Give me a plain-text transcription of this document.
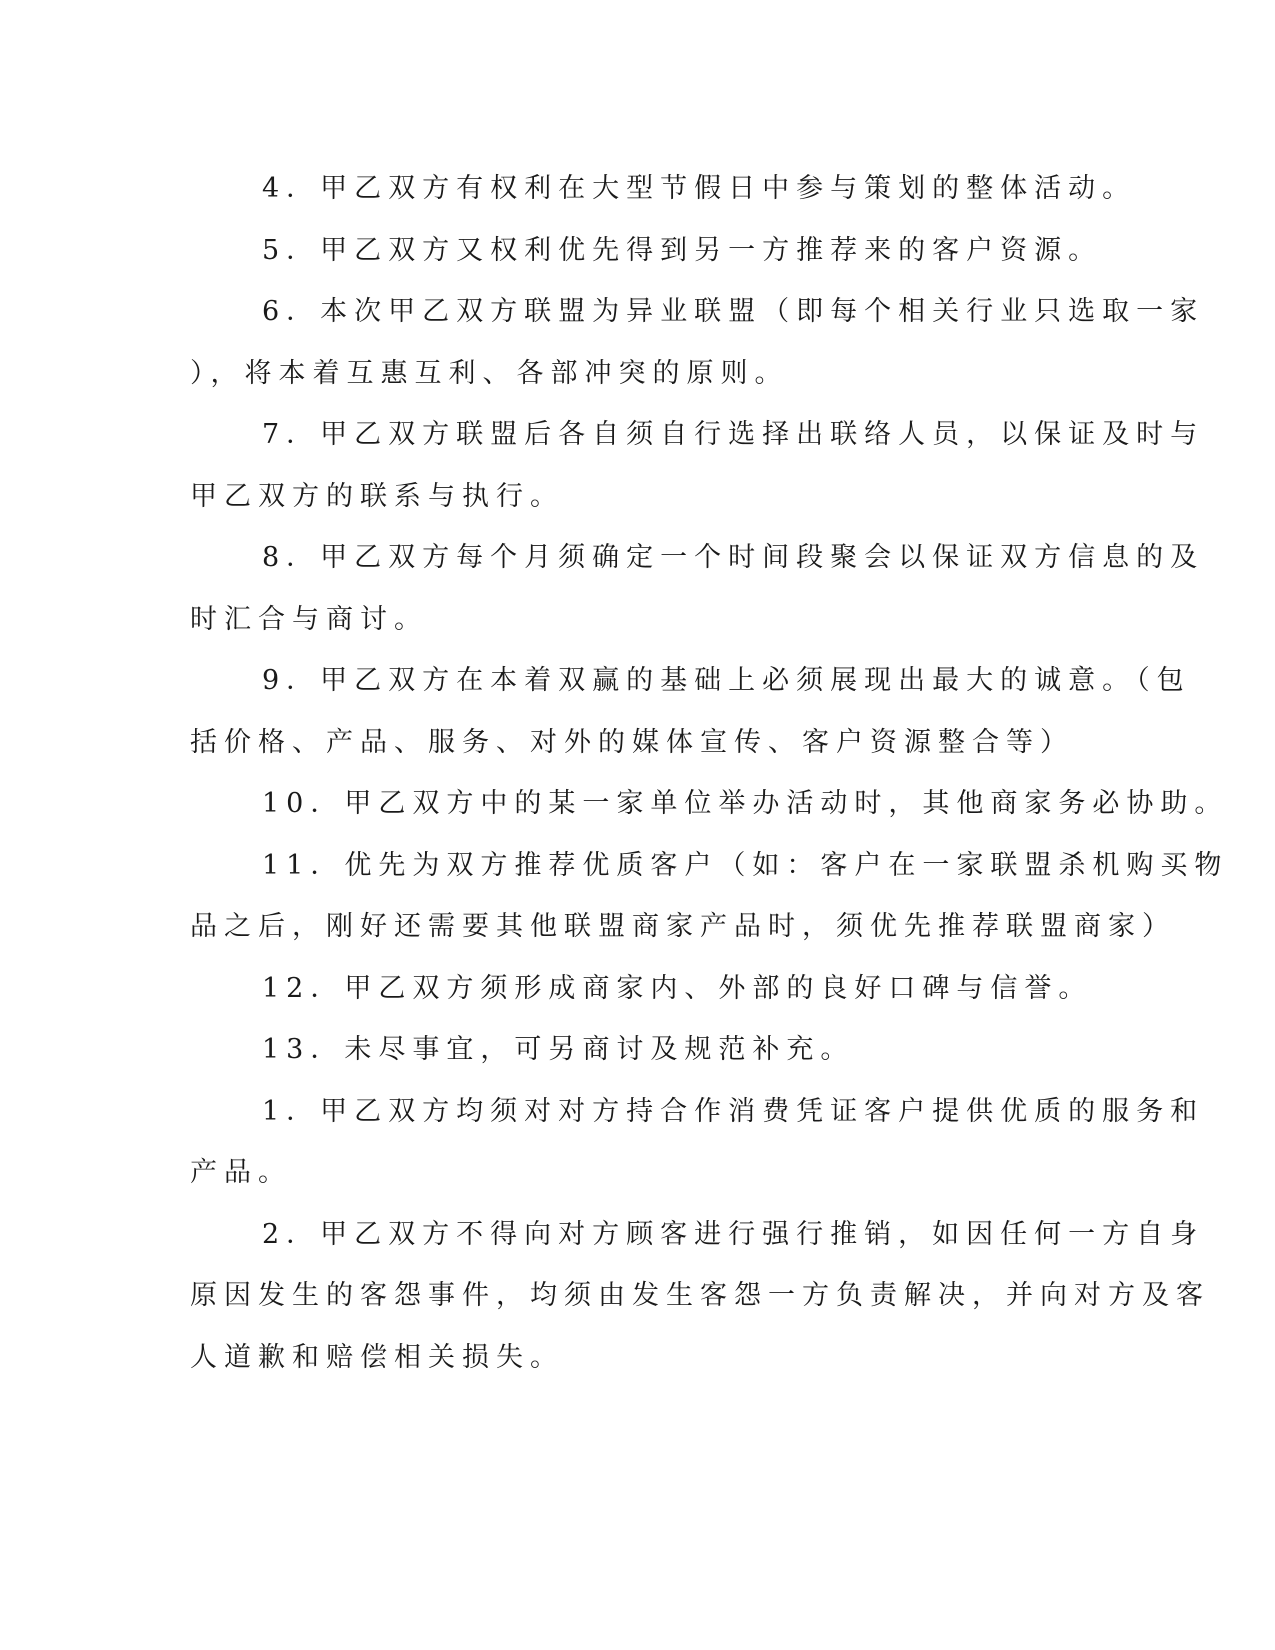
4．甲乙双方有权利在大型节假日中参与策划的整体活动。
5．甲乙双方又权利优先得到另一方推荐来的客户资源。
6．本次甲乙双方联盟为异业联盟（即每个相关行业只选取一家
），将本着互惠互利、各部冲突的原则。
7．甲乙双方联盟后各自须自行选择出联络人员，以保证及时与
甲乙双方的联系与执行。
8．甲乙双方每个月须确定一个时间段聚会以保证双方信息的及
时汇合与商讨。
9．甲乙双方在本着双赢的基础上必须展现出最大的诚意。（包
括价格、产品、服务、对外的媒体宣传、客户资源整合等）
10．甲乙双方中的某一家单位举办活动时，其他商家务必协助。
11．优先为双方推荐优质客户（如：客户在一家联盟杀机购买物
品之后，刚好还需要其他联盟商家产品时，须优先推荐联盟商家）
12．甲乙双方须形成商家内、外部的良好口碑与信誉。
13．未尽事宜，可另商讨及规范补充。
1．甲乙双方均须对对方持合作消费凭证客户提供优质的服务和
产品。
2．甲乙双方不得向对方顾客进行强行推销，如因任何一方自身
原因发生的客怨事件，均须由发生客怨一方负责解决，并向对方及客
人道歉和赔偿相关损失。
